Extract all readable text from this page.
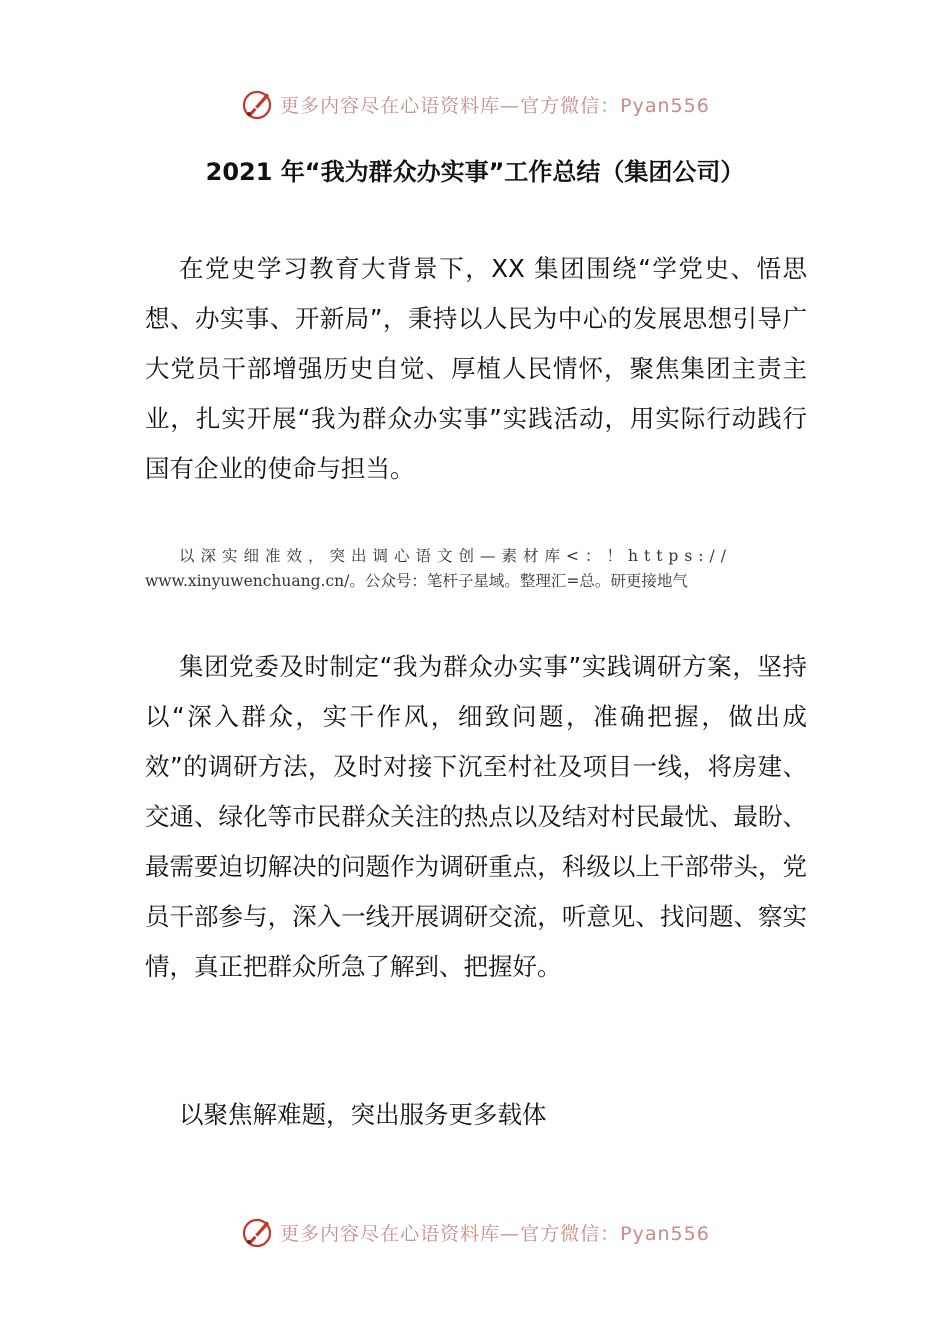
更多内容尽在心语资料库—官方微信：Pyan556
2021 年“我为群众办实事”工作总结（集团公司）

在党史学习教育大背景下，XX 集团围绕“学党史、悟思想、办实事、开新局”，秉持以人民为中心的发展思想引导广大党员干部增强历史自觉、厚植人民情怀，聚焦集团主责主业，扎实开展“我为群众办实事”实践活动，用实际行动践行国有企业的使命与担当。

以深实细准效，突出调心语文创—素材库<：！https://
www.xinyuwenchuang.cn/。公众号：笔杆子星域。整理汇=总。研更接地气

集团党委及时制定“我为群众办实事”实践调研方案，坚持以“深入群众，实干作风，细致问题，准确把握，做出成效”的调研方法，及时对接下沉至村社及项目一线，将房建、交通、绿化等市民群众关注的热点以及结对村民最忧、最盼、最需要迫切解决的问题作为调研重点，科级以上干部带头，党员干部参与，深入一线开展调研交流，听意见、找问题、察实情，真正把群众所急了解到、把握好。

以聚焦解难题，突出服务更多载体

更多内容尽在心语资料库—官方微信：Pyan556
